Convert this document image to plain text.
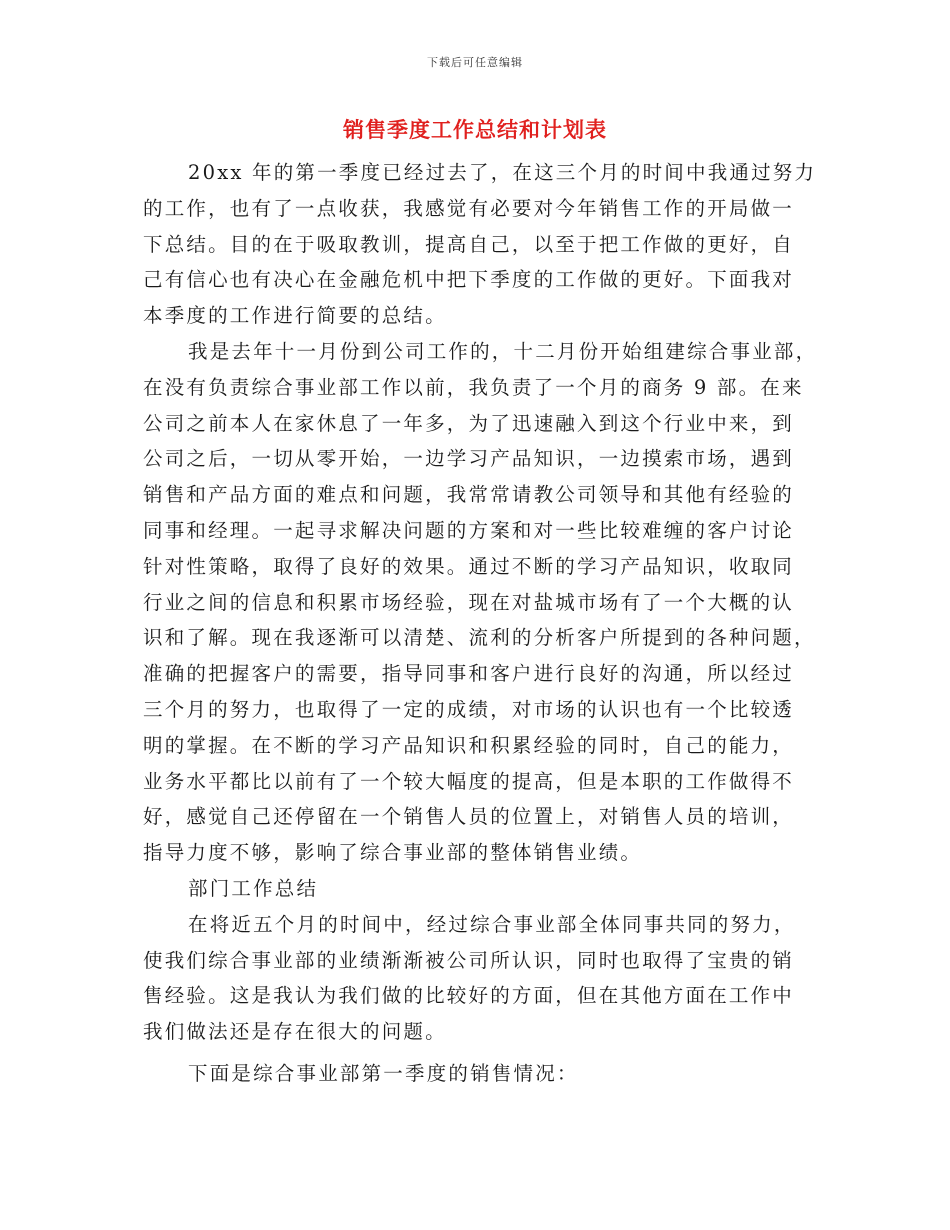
下载后可任意编辑
销售季度工作总结和计划表
20xx 年的第一季度已经过去了，在这三个月的时间中我通过努力
的工作，也有了一点收获，我感觉有必要对今年销售工作的开局做一
下总结。目的在于吸取教训，提高自己，以至于把工作做的更好，自
己有信心也有决心在金融危机中把下季度的工作做的更好。下面我对
本季度的工作进行简要的总结。
我是去年十一月份到公司工作的，十二月份开始组建综合事业部，
在没有负责综合事业部工作以前，我负责了一个月的商务 9 部。在来
公司之前本人在家休息了一年多，为了迅速融入到这个行业中来，到
公司之后，一切从零开始，一边学习产品知识，一边摸索市场，遇到
销售和产品方面的难点和问题，我常常请教公司领导和其他有经验的
同事和经理。一起寻求解决问题的方案和对一些比较难缠的客户讨论
针对性策略，取得了良好的效果。通过不断的学习产品知识，收取同
行业之间的信息和积累市场经验，现在对盐城市场有了一个大概的认
识和了解。现在我逐渐可以清楚、流利的分析客户所提到的各种问题，
准确的把握客户的需要，指导同事和客户进行良好的沟通，所以经过
三个月的努力，也取得了一定的成绩，对市场的认识也有一个比较透
明的掌握。在不断的学习产品知识和积累经验的同时，自己的能力，
业务水平都比以前有了一个较大幅度的提高，但是本职的工作做得不
好，感觉自己还停留在一个销售人员的位置上，对销售人员的培训，
指导力度不够，影响了综合事业部的整体销售业绩。
部门工作总结
在将近五个月的时间中，经过综合事业部全体同事共同的努力，
使我们综合事业部的业绩渐渐被公司所认识，同时也取得了宝贵的销
售经验。这是我认为我们做的比较好的方面，但在其他方面在工作中
我们做法还是存在很大的问题。
下面是综合事业部第一季度的销售情况：
